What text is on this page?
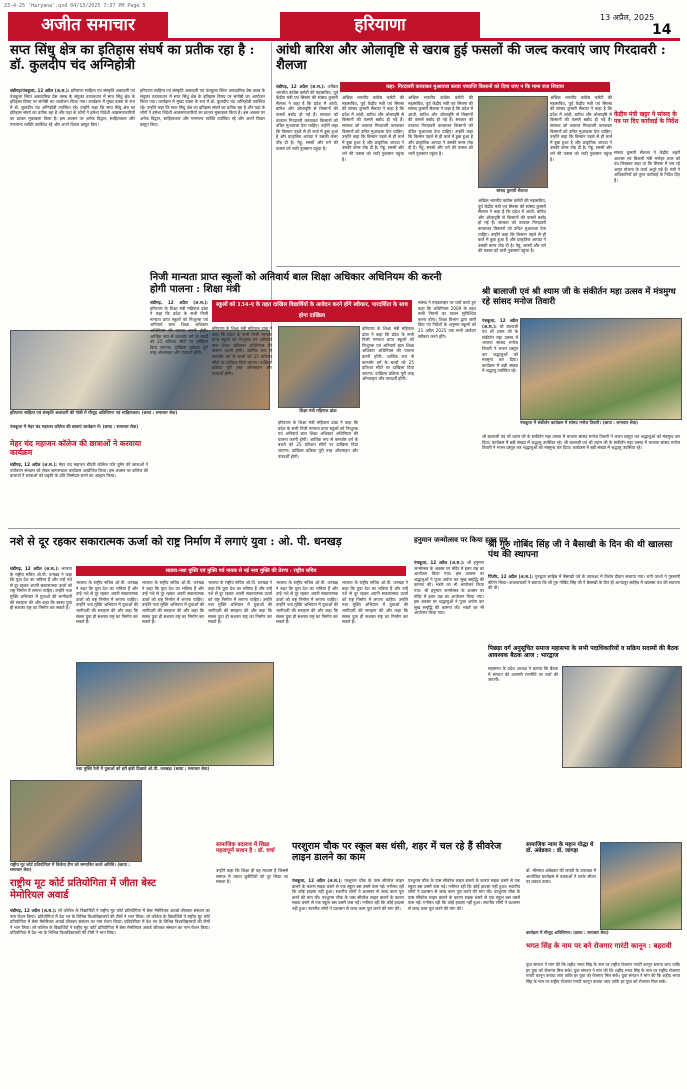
23-4-25 'Haryana'.qxd 04/13/2025 7:37 PM Page 5
अजीत समाचार	हरियाणा	13 अप्रैल, 2025
14
सप्त सिंधु क्षेत्र का इतिहास संघर्ष का प्रतीक रहा है : डॉ. कुलदीप चंद अग्निहोत्री
चंडीगढ़/पंचकूला, 12 अप्रैल (अ.स.): हरियाणा साहित्य एवं संस्कृति अकादमी एवं पंचकूला स्थित अकादमिक प्रेस क्लब के संयुक्त तत्वावधान में सप्त सिंधु क्षेत्र के इतिहास विषय पर संगोष्ठी का आयोजन किया गया। कार्यक्रम में मुख्य वक्ता के रूप में डॉ. कुलदीप चंद अग्निहोत्री उपस्थित रहे। उन्होंने कहा कि सप्त सिंधु क्षेत्र का इतिहास संघर्ष का प्रतीक रहा है और यहां के लोगों ने हमेशा विदेशी आक्रमणकारियों का डटकर मुकाबला किया है। इस अवसर पर अनेक विद्वान, साहित्यकार और गणमान्य व्यक्ति उपस्थित रहे और अपने विचार प्रस्तुत किए।
हरियाणा साहित्य एवं संस्कृति अकादमी एवं पंचकूला स्थित अकादमिक प्रेस क्लब के संयुक्त तत्वावधान में सप्त सिंधु क्षेत्र के इतिहास विषय पर संगोष्ठी का आयोजन किया गया। कार्यक्रम में मुख्य वक्ता के रूप में डॉ. कुलदीप चंद अग्निहोत्री उपस्थित रहे। उन्होंने कहा कि सप्त सिंधु क्षेत्र का इतिहास संघर्ष का प्रतीक रहा है और यहां के लोगों ने हमेशा विदेशी आक्रमणकारियों का डटकर मुकाबला किया है। इस अवसर पर अनेक विद्वान, साहित्यकार और गणमान्य व्यक्ति उपस्थित रहे और अपने विचार प्रस्तुत किए।
हरियाणा साहित्य एवं संस्कृति अकादमी की गोष्ठी में मौजूद अतिथिगण एवं साहित्यकार। (छाया : समाचार सेवा)
आंधी बारिश और ओलावृष्टि से खराब हुई फसलों की जल्द करवाएं जाए गिरदावरी : शैलजा
कहा- गिरदावरी करवाकर मुआवजा करवा पत्र्याप्ति किसानों को दिया जाए न कि मामा राज शिवाया
चंडीगढ़, 12 अप्रैल (अ.स.): अखिल भारतीय कांग्रेस कमेटी की महासचिव, पूर्व केंद्रीय मंत्री एवं सिरसा की सांसद कुमारी सैलजा ने कहा है कि प्रदेश में आंधी, बारिश और ओलावृष्टि से किसानों की फसलें बर्बाद हो गई हैं। सरकार को तत्काल गिरदावरी करवाकर किसानों को उचित मुआवजा देना चाहिए। उन्होंने कहा कि किसान पहले से ही कर्ज में डूबा हुआ है और प्राकृतिक आपदा ने उसकी कमर तोड़ दी है। गेहूं, सरसों और चने की फसल को भारी नुकसान पहुंचा है।
अखिल भारतीय कांग्रेस कमेटी की महासचिव, पूर्व केंद्रीय मंत्री एवं सिरसा की सांसद कुमारी सैलजा ने कहा है कि प्रदेश में आंधी, बारिश और ओलावृष्टि से किसानों की फसलें बर्बाद हो गई हैं। सरकार को तत्काल गिरदावरी करवाकर किसानों को उचित मुआवजा देना चाहिए। उन्होंने कहा कि किसान पहले से ही कर्ज में डूबा हुआ है और प्राकृतिक आपदा ने उसकी कमर तोड़ दी है। गेहूं, सरसों और चने की फसल को भारी नुकसान पहुंचा है।
अखिल भारतीय कांग्रेस कमेटी की महासचिव, पूर्व केंद्रीय मंत्री एवं सिरसा की सांसद कुमारी सैलजा ने कहा है कि प्रदेश में आंधी, बारिश और ओलावृष्टि से किसानों की फसलें बर्बाद हो गई हैं। सरकार को तत्काल गिरदावरी करवाकर किसानों को उचित मुआवजा देना चाहिए। उन्होंने कहा कि किसान पहले से ही कर्ज में डूबा हुआ है और प्राकृतिक आपदा ने उसकी कमर तोड़ दी है। गेहूं, सरसों और चने की फसल को भारी नुकसान पहुंचा है।
सांसद कुमारी सैलजा
अखिल भारतीय कांग्रेस कमेटी की महासचिव, पूर्व केंद्रीय मंत्री एवं सिरसा की सांसद कुमारी सैलजा ने कहा है कि प्रदेश में आंधी, बारिश और ओलावृष्टि से किसानों की फसलें बर्बाद हो गई हैं। सरकार को तत्काल गिरदावरी करवाकर किसानों को उचित मुआवजा देना चाहिए। उन्होंने कहा कि किसान पहले से ही कर्ज में डूबा हुआ है और प्राकृतिक आपदा ने उसकी कमर तोड़ दी है। गेहूं, सरसों और चने की फसल को भारी नुकसान पहुंचा है।
अखिल भारतीय कांग्रेस कमेटी की महासचिव, पूर्व केंद्रीय मंत्री एवं सिरसा की सांसद कुमारी सैलजा ने कहा है कि प्रदेश में आंधी, बारिश और ओलावृष्टि से किसानों की फसलें बर्बाद हो गई हैं। सरकार को तत्काल गिरदावरी करवाकर किसानों को उचित मुआवजा देना चाहिए। उन्होंने कहा कि किसान पहले से ही कर्ज में डूबा हुआ है और प्राकृतिक आपदा ने उसकी कमर तोड़ दी है। गेहूं, सरसों और चने की फसल को भारी नुकसान पहुंचा है।
केंद्रीय मंत्री खट्टर ने सांसद के पत्र पर दिए कार्रवाई के निर्देश
सांसद कुमारी सैलजा ने केंद्रीय शहरी आवास एवं बिजली मंत्री मनोहर लाल को पत्र लिखकर कहा था कि सिरसा में चल रहे अमृत योजना के कार्य अधूरे पड़े हैं। मंत्री ने अधिकारियों को तुरंत कार्रवाई के निर्देश दिए हैं।
निजी मान्यता प्राप्त स्कूलों को अनिवार्य बाल शिक्षा अधिकार अधिनियम की करनी होगी पालना : शिक्षा मंत्री
चंडीगढ़, 12 अप्रैल (अ.स.): हरियाणा के शिक्षा मंत्री महिपाल ढांडा ने कहा कि प्रदेश के सभी निजी मान्यता प्राप्त स्कूलों को निःशुल्क एवं अनिवार्य बाल शिक्षा अधिकार अधिनियम की पालना करनी होगी। आर्थिक रूप से कमजोर वर्ग के बच्चों को 25 प्रतिशत सीटों पर दाखिला दिया जाएगा। दाखिला प्रक्रिया पूरी तरह ऑनलाइन और पारदर्शी होगी।
स्कूलों को 134-ए के तहत दाखिल विद्यार्थियों के आवेदन करने होंगे स्वीकार, पारदर्शिता के साथ होगा दाखिला
हरियाणा के शिक्षा मंत्री महिपाल ढांडा ने कहा कि प्रदेश के सभी निजी मान्यता प्राप्त स्कूलों को निःशुल्क एवं अनिवार्य बाल शिक्षा अधिकार अधिनियम की पालना करनी होगी। आर्थिक रूप से कमजोर वर्ग के बच्चों को 25 प्रतिशत सीटों पर दाखिला दिया जाएगा। दाखिला प्रक्रिया पूरी तरह ऑनलाइन और पारदर्शी होगी।
शिक्षा मंत्री महिपाल ढांडा
हरियाणा के शिक्षा मंत्री महिपाल ढांडा ने कहा कि प्रदेश के सभी निजी मान्यता प्राप्त स्कूलों को निःशुल्क एवं अनिवार्य बाल शिक्षा अधिकार अधिनियम की पालना करनी होगी। आर्थिक रूप से कमजोर वर्ग के बच्चों को 25 प्रतिशत सीटों पर दाखिला दिया जाएगा। दाखिला प्रक्रिया पूरी तरह ऑनलाइन और पारदर्शी होगी।
हरियाणा के शिक्षा मंत्री महिपाल ढांडा ने कहा कि प्रदेश के सभी निजी मान्यता प्राप्त स्कूलों को निःशुल्क एवं अनिवार्य बाल शिक्षा अधिकार अधिनियम की पालना करनी होगी। आर्थिक रूप से कमजोर वर्ग के बच्चों को 25 प्रतिशत सीटों पर दाखिला दिया जाएगा। दाखिला प्रक्रिया पूरी तरह ऑनलाइन और पारदर्शी होगी।
सांसद ने गाइडलाइन पर चर्चा करते हुए कहा कि अधिनियम 2009 के तहत सभी नियमों का पालन सुनिश्चित करना होगा। शिक्षा विभाग द्वारा जारी किए गए निर्देशों के अनुसार स्कूलों को 21 अप्रैल 2025 तक सभी आवेदन स्वीकार करने होंगे।
पंचकूला में मेहर चंद महाजन कॉलेज की छात्राएं कार्यक्रम में। (छाया : समाचार सेवा)
मेहर चंद महाजन कॉलेज की छात्राओं ने करवाया कार्यक्रम
चंडीगढ़, 12 अप्रैल (अ.स.): मेहर चंद महाजन डीएवी कॉलेज फॉर वूमेन की छात्राओं ने पर्यावरण संरक्षण को लेकर जागरूकता कार्यक्रम आयोजित किया। इस अवसर पर कॉलेज की प्राचार्या ने छात्राओं को प्रकृति के प्रति जिम्मेदार बनने का आह्वान किया।
श्री बालाजी एवं श्री श्याम जी के संकीर्तन महा उत्सव में मंत्रमुग्ध रहे सांसद मनोज तिवारी
पंचकूला, 12 अप्रैल (अ.स.): श्री बालाजी एवं श्री श्याम जी के संकीर्तन महा उत्सव में भाजपा सांसद मनोज तिवारी ने भजन प्रस्तुत कर श्रद्धालुओं को मंत्रमुग्ध कर दिया। कार्यक्रम में बड़ी संख्या में श्रद्धालु उपस्थित रहे।
पंचकूला में संकीर्तन कार्यक्रम में सांसद मनोज तिवारी। (छाया : समाचार सेवा)
श्री बालाजी एवं श्री श्याम जी के संकीर्तन महा उत्सव में भाजपा सांसद मनोज तिवारी ने भजन प्रस्तुत कर श्रद्धालुओं को मंत्रमुग्ध कर दिया। कार्यक्रम में बड़ी संख्या में श्रद्धालु उपस्थित रहे। श्री बालाजी एवं श्री श्याम जी के संकीर्तन महा उत्सव में भाजपा सांसद मनोज तिवारी ने भजन प्रस्तुत कर श्रद्धालुओं को मंत्रमुग्ध कर दिया। कार्यक्रम में बड़ी संख्या में श्रद्धालु उपस्थित रहे।
नशे से दूर रहकर सकारात्मक ऊर्जा को राष्ट्र निर्माण में लगाएं युवा : ओ. पी. धनखड़
चंडीगढ़, 12 अप्रैल (अ.स.): भाजपा के राष्ट्रीय सचिव ओ.पी. धनखड़ ने कहा कि युवा देश का भविष्य हैं और उन्हें नशे से दूर रहकर अपनी सकारात्मक ऊर्जा को राष्ट्र निर्माण में लगाना चाहिए। उन्होंने नशा मुक्ति अभियान में युवाओं की भागीदारी की सराहना की और कहा कि स्वस्थ युवा ही सशक्त राष्ट्र का निर्माण कर सकते हैं।
लाडवा-नशा मुक्ति एवं मुक्ति पर्व नायक से नई नशा मुक्ति की प्रेरणा : राष्ट्रीय सचिव
भाजपा के राष्ट्रीय सचिव ओ.पी. धनखड़ ने कहा कि युवा देश का भविष्य हैं और उन्हें नशे से दूर रहकर अपनी सकारात्मक ऊर्जा को राष्ट्र निर्माण में लगाना चाहिए। उन्होंने नशा मुक्ति अभियान में युवाओं की भागीदारी की सराहना की और कहा कि स्वस्थ युवा ही सशक्त राष्ट्र का निर्माण कर सकते हैं।
भाजपा के राष्ट्रीय सचिव ओ.पी. धनखड़ ने कहा कि युवा देश का भविष्य हैं और उन्हें नशे से दूर रहकर अपनी सकारात्मक ऊर्जा को राष्ट्र निर्माण में लगाना चाहिए। उन्होंने नशा मुक्ति अभियान में युवाओं की भागीदारी की सराहना की और कहा कि स्वस्थ युवा ही सशक्त राष्ट्र का निर्माण कर सकते हैं।
नशा मुक्ति रैली में युवाओं को हरी झंडी दिखाते ओ.पी. धनखड़। (छाया : समाचार सेवा)
भाजपा के राष्ट्रीय सचिव ओ.पी. धनखड़ ने कहा कि युवा देश का भविष्य हैं और उन्हें नशे से दूर रहकर अपनी सकारात्मक ऊर्जा को राष्ट्र निर्माण में लगाना चाहिए। उन्होंने नशा मुक्ति अभियान में युवाओं की भागीदारी की सराहना की और कहा कि स्वस्थ युवा ही सशक्त राष्ट्र का निर्माण कर सकते हैं।
भाजपा के राष्ट्रीय सचिव ओ.पी. धनखड़ ने कहा कि युवा देश का भविष्य हैं और उन्हें नशे से दूर रहकर अपनी सकारात्मक ऊर्जा को राष्ट्र निर्माण में लगाना चाहिए। उन्होंने नशा मुक्ति अभियान में युवाओं की भागीदारी की सराहना की और कहा कि स्वस्थ युवा ही सशक्त राष्ट्र का निर्माण कर सकते हैं।
भाजपा के राष्ट्रीय सचिव ओ.पी. धनखड़ ने कहा कि युवा देश का भविष्य हैं और उन्हें नशे से दूर रहकर अपनी सकारात्मक ऊर्जा को राष्ट्र निर्माण में लगाना चाहिए। उन्होंने नशा मुक्ति अभियान में युवाओं की भागीदारी की सराहना की और कहा कि स्वस्थ युवा ही सशक्त राष्ट्र का निर्माण कर सकते हैं।
हनुमान जन्मोत्सव पर किया हवन यज्ञ
पंचकूला, 12 अप्रैल (अ.स.): श्री हनुमान जन्मोत्सव के अवसर पर मंदिर में हवन यज्ञ का आयोजन किया गया। इस अवसर पर श्रद्धालुओं ने पूजा अर्चना कर सुख समृद्धि की कामना की। भंडारे का भी आयोजन किया गया। श्री हनुमान जन्मोत्सव के अवसर पर मंदिर में हवन यज्ञ का आयोजन किया गया। इस अवसर पर श्रद्धालुओं ने पूजा अर्चना कर सुख समृद्धि की कामना की। भंडारे का भी आयोजन किया गया।
श्री गुरु गोबिंद सिंह जी ने बैसाखी के दिन की थी खालसा पंथ की स्थापना
पिंजौर, 12 अप्रैल (अ.स.): गुरुद्वारा साहिब में बैसाखी पर्व के उपलक्ष्य में विशेष दीवान सजाया गया। रागी जत्थों ने गुरबाणी कीर्तन किया। कथावाचकों ने बताया कि श्री गुरु गोबिंद सिंह जी ने बैसाखी के दिन ही आनंदपुर साहिब में खालसा पंथ की स्थापना की थी।
पिछड़ा वर्ग अनुसूचित समाज महासभा के सभी पदाधिकारियों व सक्रिय सदस्यों की बैठक आवश्यक बैठक आज : भारद्वाज
महासभा के प्रदेश अध्यक्ष ने बताया कि बैठक में संगठन की आगामी रणनीति पर चर्चा की जाएगी।
राष्ट्रीय मूट कोर्ट प्रतियोगिता में विजेता टीम को सम्मानित करते अतिथि। (छाया : समाचार सेवा)
राष्ट्रीय मूट कोर्ट प्रतियोगिता में जीता बेस्ट मेमोरियल अवार्ड
चंडीगढ़, 12 अप्रैल (अ.स.): लॉ कॉलेज के विद्यार्थियों ने राष्ट्रीय मूट कोर्ट प्रतियोगिता में बेस्ट मेमोरियल अवार्ड जीतकर संस्थान का नाम रोशन किया। प्रतियोगिता में देश भर के विभिन्न विश्वविद्यालयों की टीमों ने भाग लिया। लॉ कॉलेज के विद्यार्थियों ने राष्ट्रीय मूट कोर्ट प्रतियोगिता में बेस्ट मेमोरियल अवार्ड जीतकर संस्थान का नाम रोशन किया। प्रतियोगिता में देश भर के विभिन्न विश्वविद्यालयों की टीमों ने भाग लिया। लॉ कॉलेज के विद्यार्थियों ने राष्ट्रीय मूट कोर्ट प्रतियोगिता में बेस्ट मेमोरियल अवार्ड जीतकर संस्थान का नाम रोशन किया। प्रतियोगिता में देश भर के विभिन्न विश्वविद्यालयों की टीमों ने भाग लिया।
सामाजिक बदलाव में शिक्षा महत्वपूर्ण साधन है : डॉ. चर्चा
उन्होंने कहा कि शिक्षा ही वह माध्यम है जिससे समाज में व्याप्त कुरीतियों को दूर किया जा सकता है।
परशुराम चौक पर स्कूल बस धंसी, शहर में चल रहे हैं सीवरेज लाइन डालने का काम
पंचकूला, 12 अप्रैल (अ.स.): परशुराम चौक के पास सीवरेज लाइन डालने के कारण सड़क धंसने से एक स्कूल बस उसमें फंस गई। गनीमत रही कि कोई हादसा नहीं हुआ। स्थानीय लोगों ने प्रशासन से जल्द काम पूरा करने की मांग की। परशुराम चौक के पास सीवरेज लाइन डालने के कारण सड़क धंसने से एक स्कूल बस उसमें फंस गई। गनीमत रही कि कोई हादसा नहीं हुआ। स्थानीय लोगों ने प्रशासन से जल्द काम पूरा करने की मांग की।
परशुराम चौक के पास सीवरेज लाइन डालने के कारण सड़क धंसने से एक स्कूल बस उसमें फंस गई। गनीमत रही कि कोई हादसा नहीं हुआ। स्थानीय लोगों ने प्रशासन से जल्द काम पूरा करने की मांग की। परशुराम चौक के पास सीवरेज लाइन डालने के कारण सड़क धंसने से एक स्कूल बस उसमें फंस गई। गनीमत रही कि कोई हादसा नहीं हुआ। स्थानीय लोगों ने प्रशासन से जल्द काम पूरा करने की मांग की।
सामाजिक न्याय के महान योद्धा थे डॉ. अंबेडकर : डॉ. जांगड़ा
डॉ. भीमराव अंबेडकर की जयंती के उपलक्ष्य में आयोजित कार्यक्रम में वक्ताओं ने उनके जीवन पर प्रकाश डाला।
कार्यक्रम में मौजूद अतिथिगण। (छाया : समाचार सेवा)
भगत सिंह के नाम पर बने रोजगार गारंटी कानून : बहरावी
युवा संगठन ने मांग की कि शहीद भगत सिंह के नाम पर राष्ट्रीय रोजगार गारंटी कानून बनाया जाए ताकि हर युवा को रोजगार मिल सके। युवा संगठन ने मांग की कि शहीद भगत सिंह के नाम पर राष्ट्रीय रोजगार गारंटी कानून बनाया जाए ताकि हर युवा को रोजगार मिल सके। युवा संगठन ने मांग की कि शहीद भगत सिंह के नाम पर राष्ट्रीय रोजगार गारंटी कानून बनाया जाए ताकि हर युवा को रोजगार मिल सके।
